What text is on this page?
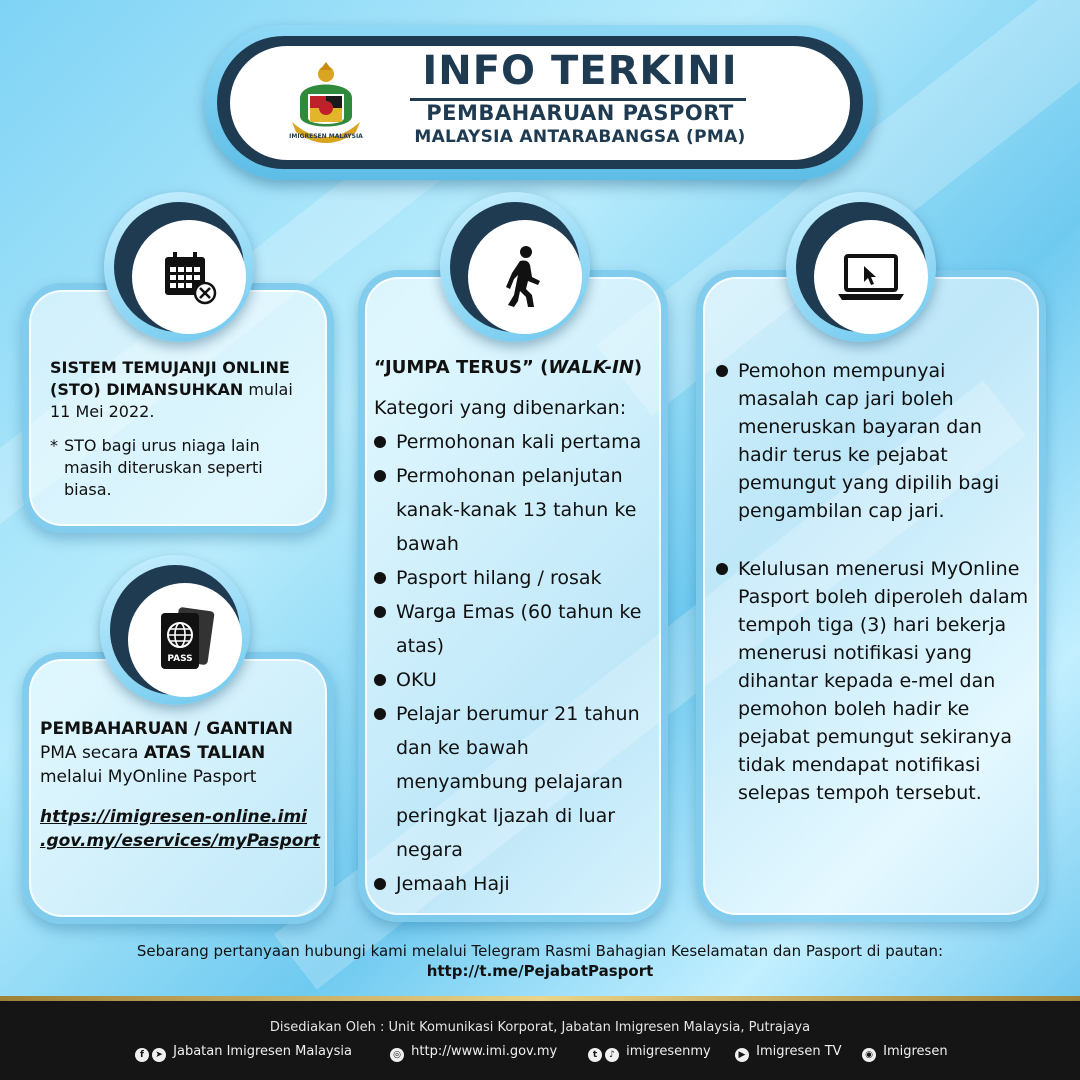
IMIGRESEN MALAYSIA
INFO TERKINI
PEMBAHARUAN PASPORT
MALAYSIA ANTARABANGSA (PMA)
SISTEM TEMUJANJI ONLINE
(STO) DIMANSUHKAN mulai
11 Mei 2022.
* STO bagi urus niaga lain
masih diteruskan seperti
biasa.
PASS
PEMBAHARUAN / GANTIAN
PMA secara ATAS TALIAN
melalui MyOnline Pasport
https://imigresen-online.imi
.gov.my/eservices/myPasport
“JUMPA TERUS” (WALK-IN)
Kategori yang dibenarkan:
Permohonan kali pertama
Permohonan pelanjutan kanak-kanak 13 tahun ke bawah
Pasport hilang / rosak
Warga Emas (60 tahun ke atas)
OKU
Pelajar berumur 21 tahun dan ke bawah menyambung pelajaran peringkat Ijazah di luar negara
Jemaah Haji
Pemohon mempunyai masalah cap jari boleh meneruskan bayaran dan hadir terus ke pejabat pemungut yang dipilih bagi pengambilan cap jari.
Kelulusan menerusi MyOnline Pasport boleh diperoleh dalam tempoh tiga (3) hari bekerja menerusi notifikasi yang dihantar kepada e-mel dan pemohon boleh hadir ke pejabat pemungut sekiranya tidak mendapat notifikasi selepas tempoh tersebut.
Sebarang pertanyaan hubungi kami melalui Telegram Rasmi Bahagian Keselamatan dan Pasport di pautan:
http://t.me/PejabatPasport
Disediakan Oleh : Unit Komunikasi Korporat, Jabatan Imigresen Malaysia, Putrajaya
f ➤ Jabatan Imigresen Malaysia	◎ http://www.imi.gov.my	t ♪ imigresenmy	▶ Imigresen TV	◉ Imigresen
